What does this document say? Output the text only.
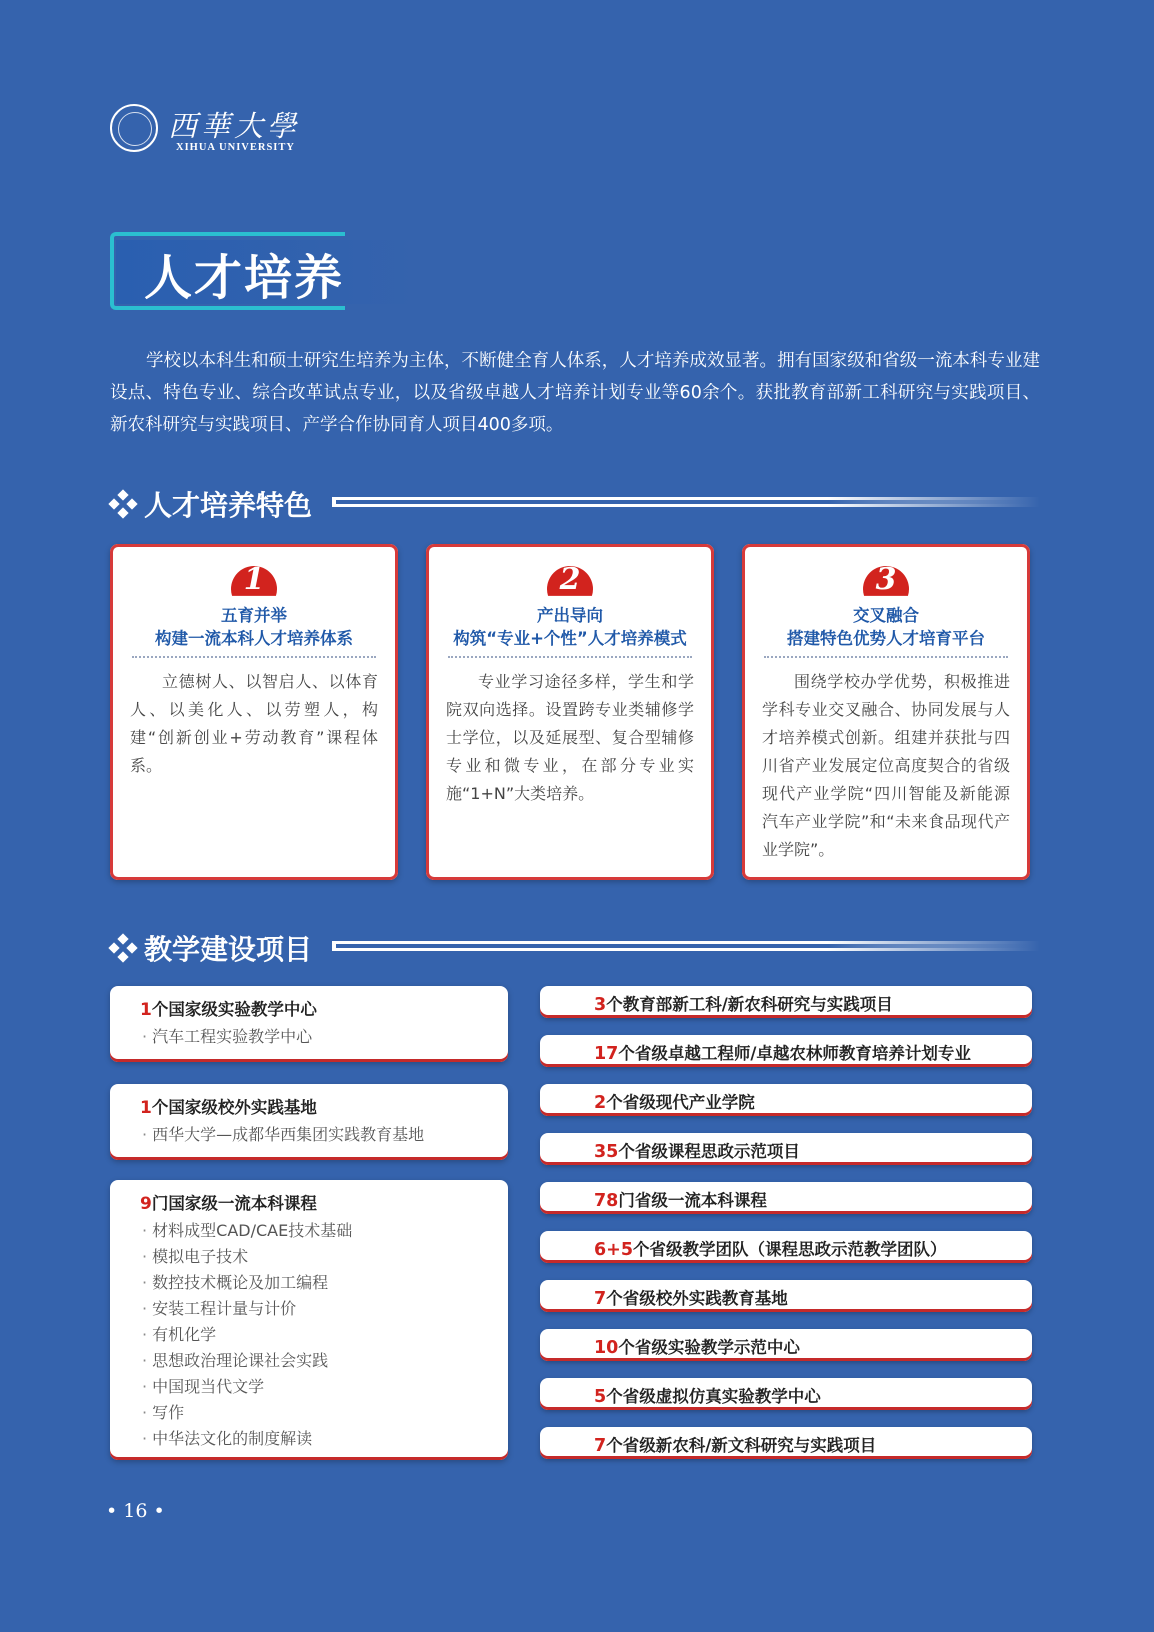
西華大學
XIHUA UNIVERSITY
人才培养

学校以本科生和硕士研究生培养为主体，不断健全育人体系，人才培养成效显著。拥有国家级和省级一流本科专业建设点、特色专业、综合改革试点专业，以及省级卓越人才培养计划专业等60余个。获批教育部新工科研究与实践项目、新农科研究与实践项目、产学合作协同育人项目400多项。

人才培养特色
1
五育并举
构建一流本科人才培养体系
立德树人、以智启人、以体育人、以美化人、以劳塑人，构建“创新创业+劳动教育”课程体系。
2
产出导向
构筑“专业+个性”人才培养模式
专业学习途径多样，学生和学院双向选择。设置跨专业类辅修学士学位，以及延展型、复合型辅修专业和微专业，在部分专业实施“1+N”大类培养。
3
交叉融合
搭建特色优势人才培育平台
围绕学校办学优势，积极推进学科专业交叉融合、协同发展与人才培养模式创新。组建并获批与四川省产业发展定位高度契合的省级现代产业学院“四川智能及新能源汽车产业学院”和“未来食品现代产业学院”。
教学建设项目
1个国家级实验教学中心
· 汽车工程实验教学中心
1个国家级校外实践基地
· 西华大学—成都华西集团实践教育基地
9门国家级一流本科课程
· 材料成型CAD/CAE技术基础
· 模拟电子技术
· 数控技术概论及加工编程
· 安装工程计量与计价
· 有机化学
· 思想政治理论课社会实践
· 中国现当代文学
· 写作
· 中华法文化的制度解读
3个教育部新工科/新农科研究与实践项目
17个省级卓越工程师/卓越农林师教育培养计划专业
2个省级现代产业学院
35个省级课程思政示范项目
78门省级一流本科课程
6+5个省级教学团队（课程思政示范教学团队）
7个省级校外实践教育基地
10个省级实验教学示范中心
5个省级虚拟仿真实验教学中心
7个省级新农科/新文科研究与实践项目
• 16 •
